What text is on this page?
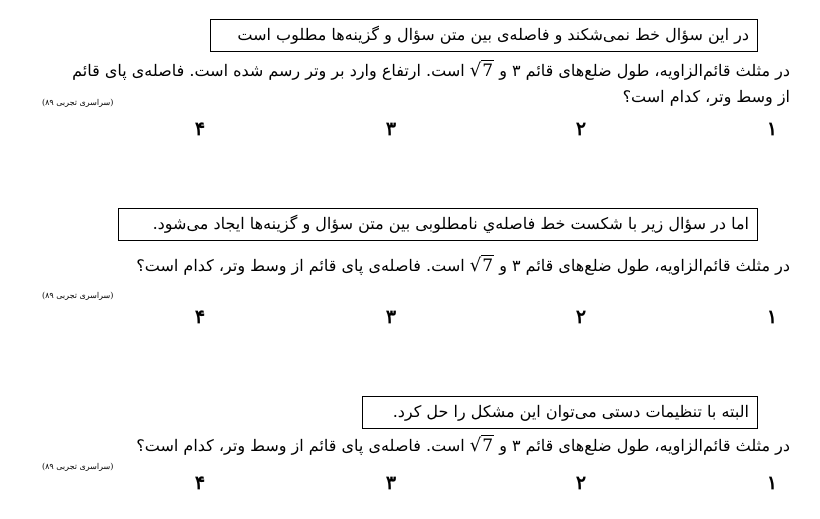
در این سؤال خط نمی‌شکند و فاصله‌ی بین متن سؤال و گزینه‌ها مطلوب است
در مثلث قائم‌الزاویه، طول ضلع‌های قائم ۳ و √7 است. ارتفاع وارد بر وتر رسم شده است. فاصله‌ی پای قائم
از وسط وتر، کدام است؟
(سراسری تجربی ۸۹)
۱
۲
۳
۴
اما در سؤال زیر با شکست خط فاصله‌ي نامطلوبی بین متن سؤال و گزینه‌ها ایجاد می‌شود.
در مثلث قائم‌الزاویه، طول ضلع‌های قائم ۳ و √7 است. فاصله‌ی پای قائم از وسط وتر، کدام است؟
(سراسری تجربی ۸۹)
۱
۲
۳
۴
البته با تنظیمات دستی می‌توان این مشکل را حل کرد.
در مثلث قائم‌الزاویه، طول ضلع‌های قائم ۳ و √7 است. فاصله‌ی پای قائم از وسط وتر، کدام است؟
(سراسری تجربی ۸۹)
۱
۲
۳
۴
